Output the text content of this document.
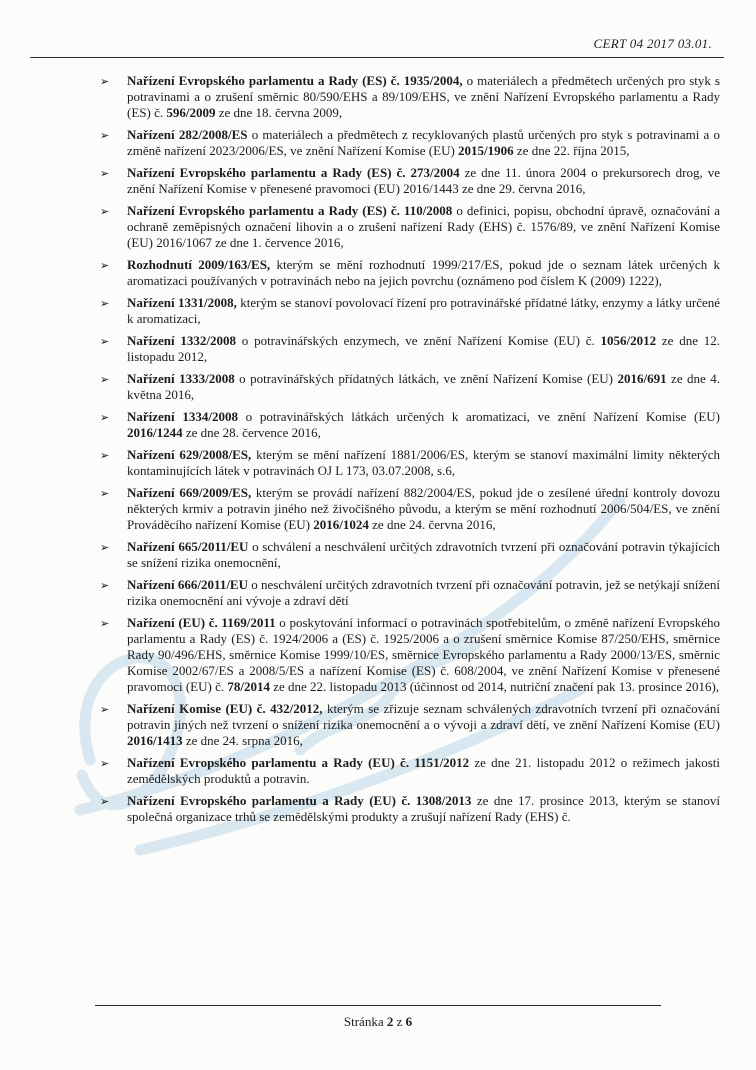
CERT 04 2017 03.01.
➢	Nařízení Evropského parlamentu a Rady (ES) č. 1935/2004, o materiálech a předmětech určených pro styk s potravinami a o zrušení směrnic 80/590/EHS a 89/109/EHS, ve znění Nařízení Evropského parlamentu a Rady (ES) č. 596/2009 ze dne 18. června 2009,
➢	Nařízení 282/2008/ES o materiálech a předmětech z recyklovaných plastů určených pro styk s potravinami a o změně nařízení 2023/2006/ES, ve znění Nařízení Komise (EU) 2015/1906 ze dne 22. října 2015,
➢	Nařízení Evropského parlamentu a Rady (ES) č. 273/2004 ze dne 11. února 2004 o prekursorech drog, ve znění Nařízení Komise v přenesené pravomoci (EU) 2016/1443 ze dne 29. června 2016,
➢	Nařízení Evropského parlamentu a Rady (ES) č. 110/2008 o definici, popisu, obchodní úpravě, označování a ochraně zeměpisných označení lihovin a o zrušení nařízení Rady (EHS) č. 1576/89, ve znění Nařízení Komise (EU) 2016/1067 ze dne 1. července 2016,
➢	Rozhodnutí 2009/163/ES, kterým se mění rozhodnutí 1999/217/ES, pokud jde o seznam látek určených k aromatizaci používaných v potravinách nebo na jejich povrchu (oznámeno pod číslem K (2009) 1222),
➢	Nařízení 1331/2008, kterým se stanoví povolovací řízení pro potravinářské přídatné látky, enzymy a látky určené k aromatizaci,
➢	Nařízení 1332/2008 o potravinářských enzymech, ve znění Nařízení Komise (EU) č. 1056/2012 ze dne 12. listopadu 2012,
➢	Nařízení 1333/2008 o potravinářských přídatných látkách, ve znění Nařízení Komise (EU) 2016/691 ze dne 4. května 2016,
➢	Nařízení 1334/2008 o potravinářských látkách určených k aromatizaci, ve znění Nařízení Komise (EU) 2016/1244 ze dne 28. července 2016,
➢	Nařízení 629/2008/ES, kterým se mění nařízení 1881/2006/ES, kterým se stanoví maximální limity některých kontaminujících látek v potravinách OJ L 173, 03.07.2008, s.6,
➢	Nařízení 669/2009/ES, kterým se provádí nařízení 882/2004/ES, pokud jde o zesílené úřední kontroly dovozu některých krmiv a potravin jiného než živočišného původu, a kterým se mění rozhodnutí 2006/504/ES, ve znění Prováděcího nařízení Komise (EU) 2016/1024 ze dne 24. června 2016,
➢	Nařízení 665/2011/EU o schválení a neschválení určitých zdravotních tvrzení při označování potravin týkajících se snížení rizika onemocnění,
➢	Nařízení 666/2011/EU o neschválení určitých zdravotních tvrzení při označování potravin, jež se netýkají snížení rizika onemocnění ani vývoje a zdraví dětí
➢	Nařízení (EU) č. 1169/2011 o poskytování informací o potravinách spotřebitelům, o změně nařízení Evropského parlamentu a Rady (ES) č. 1924/2006 a (ES) č. 1925/2006 a o zrušení směrnice Komise 87/250/EHS, směrnice Rady 90/496/EHS, směrnice Komise 1999/10/ES, směrnice Evropského parlamentu a Rady 2000/13/ES, směrnic Komise 2002/67/ES a 2008/5/ES a nařízení Komise (ES) č. 608/2004, ve znění Nařízení Komise v přenesené pravomoci (EU) č. 78/2014 ze dne 22. listopadu 2013 (účinnost od 2014, nutriční značení pak 13. prosince 2016),
➢	Nařízení Komise (EU) č. 432/2012, kterým se zřizuje seznam schválených zdravotních tvrzení při označování potravin jiných než tvrzení o snížení rizika onemocnění a o vývoji a zdraví dětí, ve znění Nařízení Komise (EU) 2016/1413 ze dne 24. srpna 2016,
➢	Nařízení Evropského parlamentu a Rady (EU) č. 1151/2012 ze dne 21. listopadu 2012 o režimech jakosti zemědělských produktů a potravin.
➢	Nařízení Evropského parlamentu a Rady (EU) č. 1308/2013 ze dne 17. prosince 2013, kterým se stanoví společná organizace trhů se zemědělskými produkty a zrušují nařízení Rady (EHS) č.
Stránka 2 z 6
